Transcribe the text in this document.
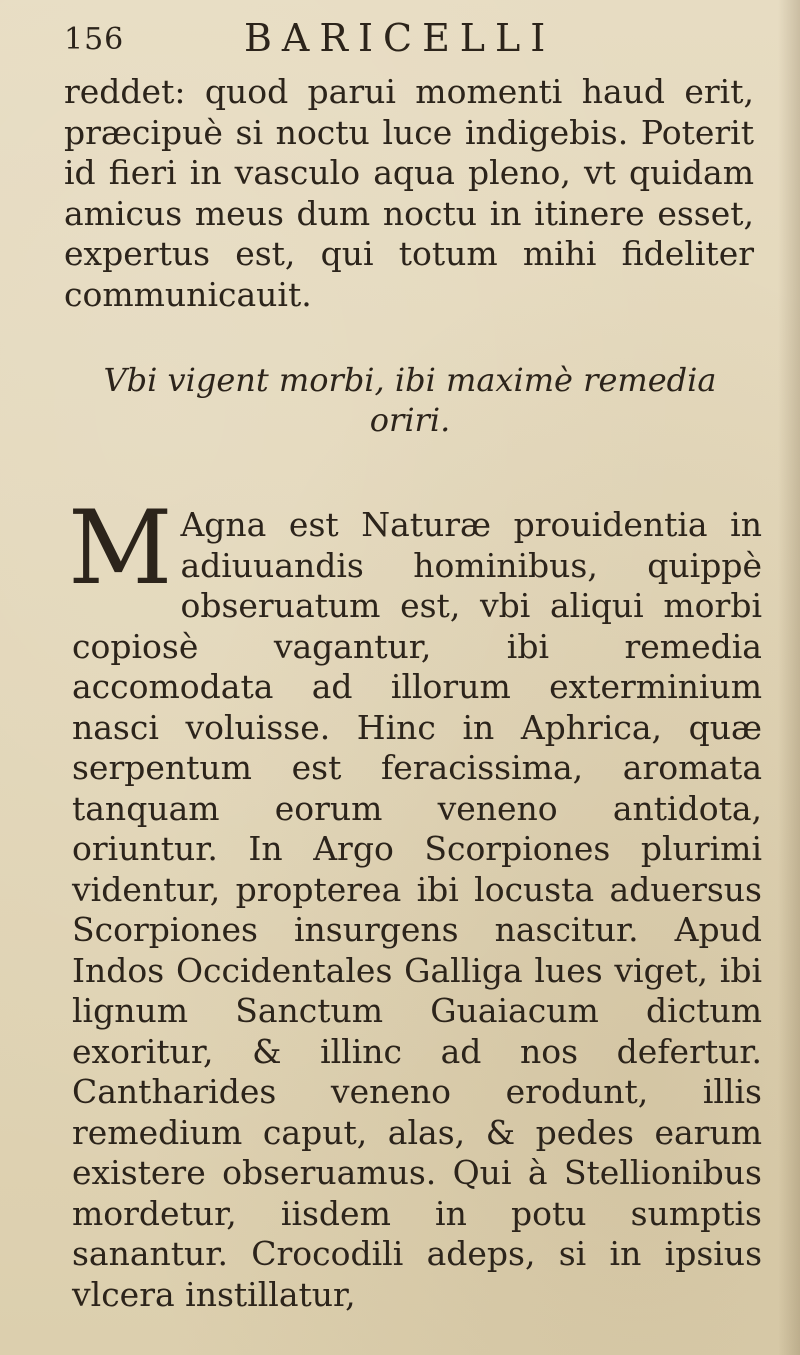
156	BARICELLI
reddet: quod parui momenti haud erit, præcipuè si noctu luce indigebis. Poterit id fieri in vasculo aqua pleno, vt quidam amicus meus dum noctu in itinere esset, expertus est, qui totum mihi fideliter communicauit.
Vbi vigent morbi, ibi maximè remedia
oriri.
M Agna est Naturæ prouidentia in adiuuandis hominibus, quippè obseruatum est, vbi aliqui morbi copiosè vagantur, ibi remedia accomodata ad illorum exterminium nasci voluisse. Hinc in Aphrica, quæ serpentum est feracissima, aromata tanquam eorum veneno antidota, oriuntur. In Argo Scorpiones plurimi videntur, propterea ibi locusta aduersus Scorpiones insurgens nascitur. Apud Indos Occidentales Galliga lues viget, ibi lignum Sanctum Guaiacum dictum exoritur, & illinc ad nos defertur. Cantharides veneno erodunt, illis remedium caput, alas, & pedes earum existere obseruamus. Qui à Stellionibus mordetur, iisdem in potu sumptis sanantur. Crocodili adeps, si in ipsius vlcera instillatur,
